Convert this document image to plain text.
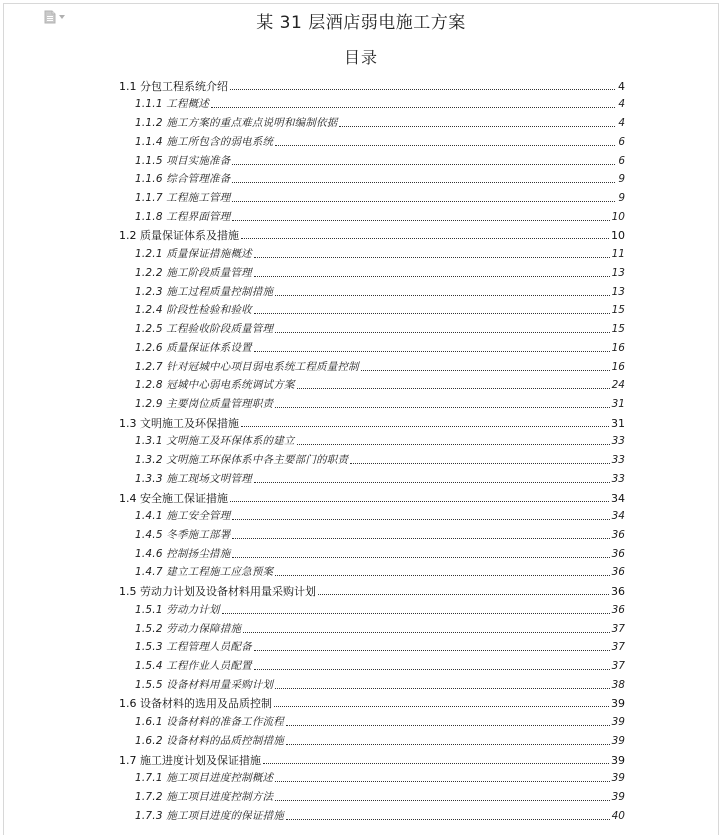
某 31 层酒店弱电施工方案
目录
1.1 分包工程系统介绍	4
1.1.1 工程概述	4
1.1.2 施工方案的重点难点说明和编制依据	4
1.1.4 施工所包含的弱电系统	6
1.1.5 项目实施准备	6
1.1.6 综合管理准备	9
1.1.7 工程施工管理	9
1.1.8 工程界面管理	10
1.2 质量保证体系及措施	10
1.2.1 质量保证措施概述	11
1.2.2 施工阶段质量管理	13
1.2.3 施工过程质量控制措施	13
1.2.4 阶段性检验和验收	15
1.2.5 工程验收阶段质量管理	15
1.2.6 质量保证体系设置	16
1.2.7 针对冠城中心项目弱电系统工程质量控制	16
1.2.8 冠城中心弱电系统调试方案	24
1.2.9 主要岗位质量管理职责	31
1.3 文明施工及环保措施	31
1.3.1 文明施工及环保体系的建立	33
1.3.2 文明施工环保体系中各主要部门的职责	33
1.3.3 施工现场文明管理	33
1.4 安全施工保证措施	34
1.4.1 施工安全管理	34
1.4.5 冬季施工部署	36
1.4.6 控制扬尘措施	36
1.4.7 建立工程施工应急预案	36
1.5 劳动力计划及设备材料用量采购计划	36
1.5.1 劳动力计划	36
1.5.2 劳动力保障措施	37
1.5.3 工程管理人员配备	37
1.5.4 工程作业人员配置	37
1.5.5 设备材料用量采购计划	38
1.6 设备材料的选用及品质控制	39
1.6.1 设备材料的准备工作流程	39
1.6.2 设备材料的品质控制措施	39
1.7 施工进度计划及保证措施	39
1.7.1 施工项目进度控制概述	39
1.7.2 施工项目进度控制方法	39
1.7.3 施工项目进度的保证措施	40
